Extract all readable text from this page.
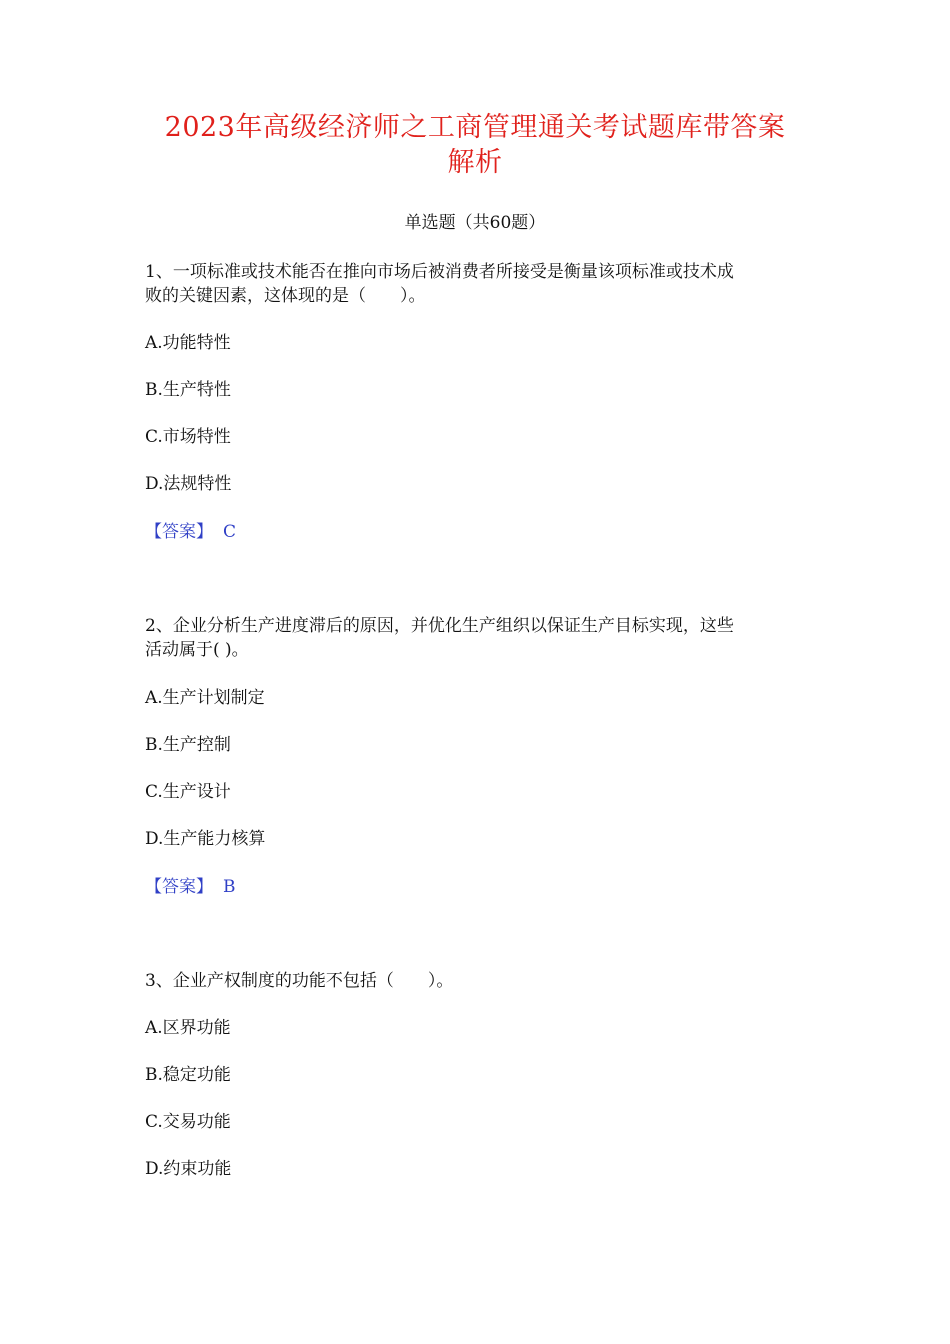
2023年高级经济师之工商管理通关考试题库带答案
解析
单选题（共60题）
1、一项标准或技术能否在推向市场后被消费者所接受是衡量该项标准或技术成
败的关键因素，这体现的是（　　）。
A.功能特性
B.生产特性
C.市场特性
D.法规特性
【答案】 C
2、企业分析生产进度滞后的原因，并优化生产组织以保证生产目标实现，这些
活动属于( )。
A.生产计划制定
B.生产控制
C.生产设计
D.生产能力核算
【答案】 B
3、企业产权制度的功能不包括（　　）。
A.区界功能
B.稳定功能
C.交易功能
D.约束功能
